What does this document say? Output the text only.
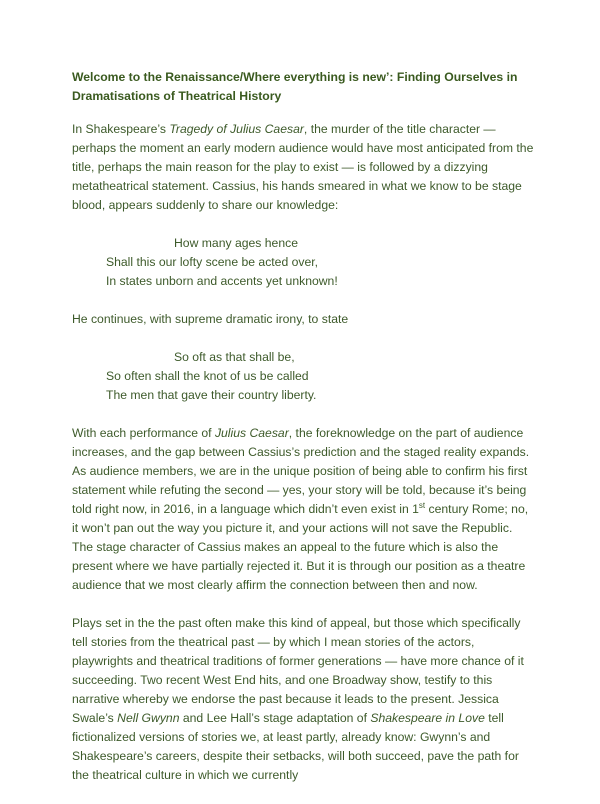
Welcome to the Renaissance/Where everything is new’: Finding Ourselves in Dramatisations of Theatrical History

In Shakespeare’s Tragedy of Julius Caesar, the murder of the title character — perhaps the moment an early modern audience would have most anticipated from the title, perhaps the main reason for the play to exist — is followed by a dizzying metatheatrical statement. Cassius, his hands smeared in what we know to be stage blood, appears suddenly to share our knowledge:

How many ages hence
Shall this our lofty scene be acted over,
In states unborn and accents yet unknown!

He continues, with supreme dramatic irony, to state

So oft as that shall be,
So often shall the knot of us be called
The men that gave their country liberty.

With each performance of Julius Caesar, the foreknowledge on the part of audience increases, and the gap between Cassius’s prediction and the staged reality expands. As audience members, we are in the unique position of being able to confirm his first statement while refuting the second — yes, your story will be told, because it’s being told right now, in 2016, in a language which didn’t even exist in 1st century Rome; no, it won’t pan out the way you picture it, and your actions will not save the Republic. The stage character of Cassius makes an appeal to the future which is also the present where we have partially rejected it. But it is through our position as a theatre audience that we most clearly affirm the connection between then and now.

Plays set in the the past often make this kind of appeal, but those which specifically tell stories from the theatrical past — by which I mean stories of the actors, playwrights and theatrical traditions of former generations — have more chance of it succeeding. Two recent West End hits, and one Broadway show, testify to this narrative whereby we endorse the past because it leads to the present. Jessica Swale’s Nell Gwynn and Lee Hall’s stage adaptation of Shakespeare in Love tell fictionalized versions of stories we, at least partly, already know: Gwynn’s and Shakespeare’s careers, despite their setbacks, will both succeed, pave the path for the theatrical culture in which we currently
